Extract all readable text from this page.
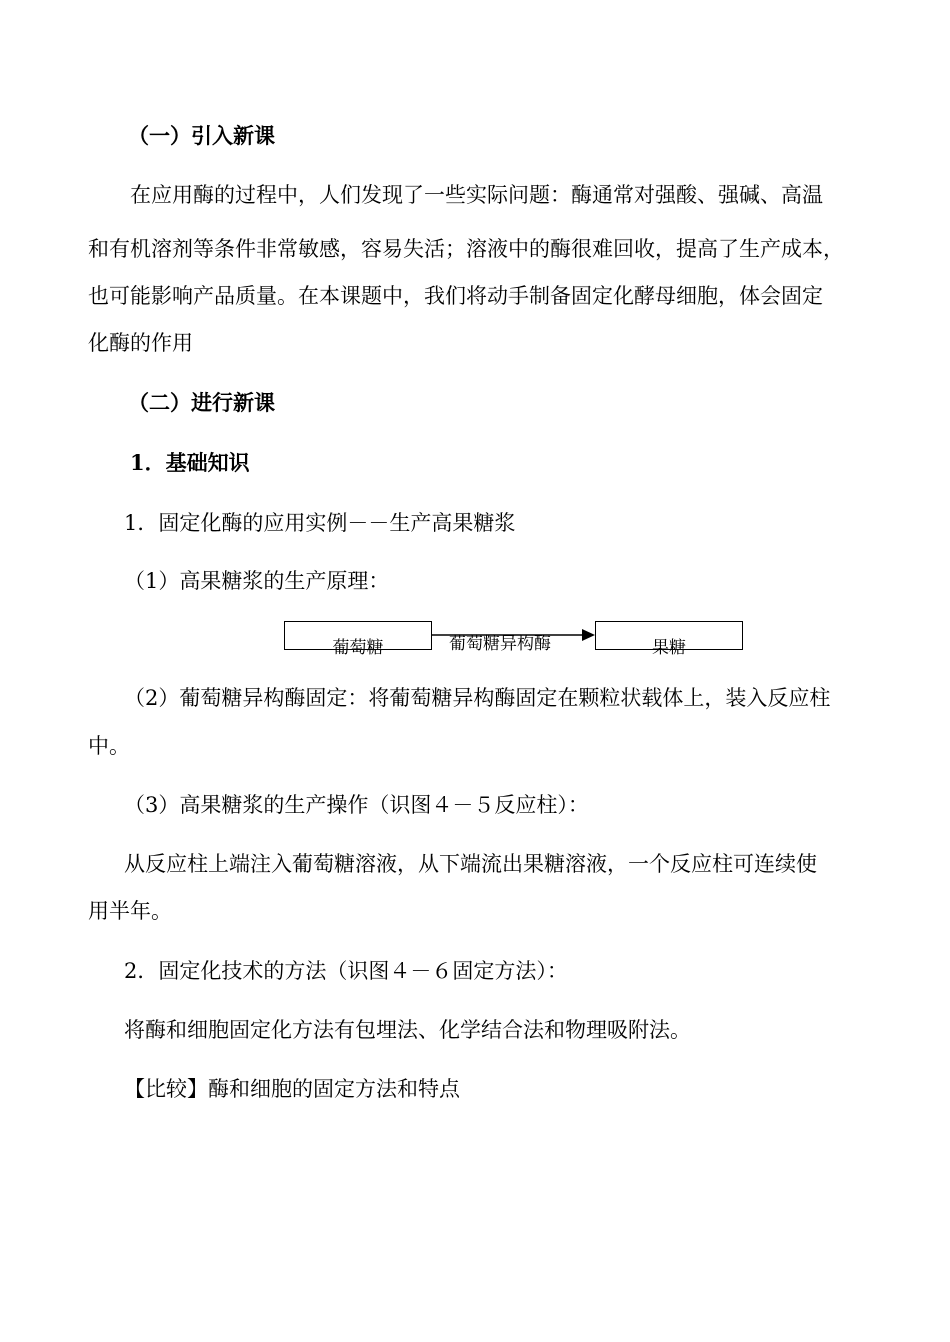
（一）引入新课
在应用酶的过程中，人们发现了一些实际问题：酶通常对强酸、强碱、高温
和有机溶剂等条件非常敏感，容易失活；溶液中的酶很难回收，提高了生产成本，
也可能影响产品质量。在本课题中，我们将动手制备固定化酵母细胞，体会固定
化酶的作用
（二）进行新课
1．基础知识
1．固定化酶的应用实例－－生产高果糖浆
（1）高果糖浆的生产原理：
葡萄糖	果糖
葡萄糖异构酶
（2）葡萄糖异构酶固定：将葡萄糖异构酶固定在颗粒状载体上，装入反应柱
中。
（3）高果糖浆的生产操作（识图４－５反应柱）：
从反应柱上端注入葡萄糖溶液，从下端流出果糖溶液，一个反应柱可连续使
用半年。
2．固定化技术的方法（识图４－６固定方法）：
将酶和细胞固定化方法有包埋法、化学结合法和物理吸附法。
【比较】酶和细胞的固定方法和特点
